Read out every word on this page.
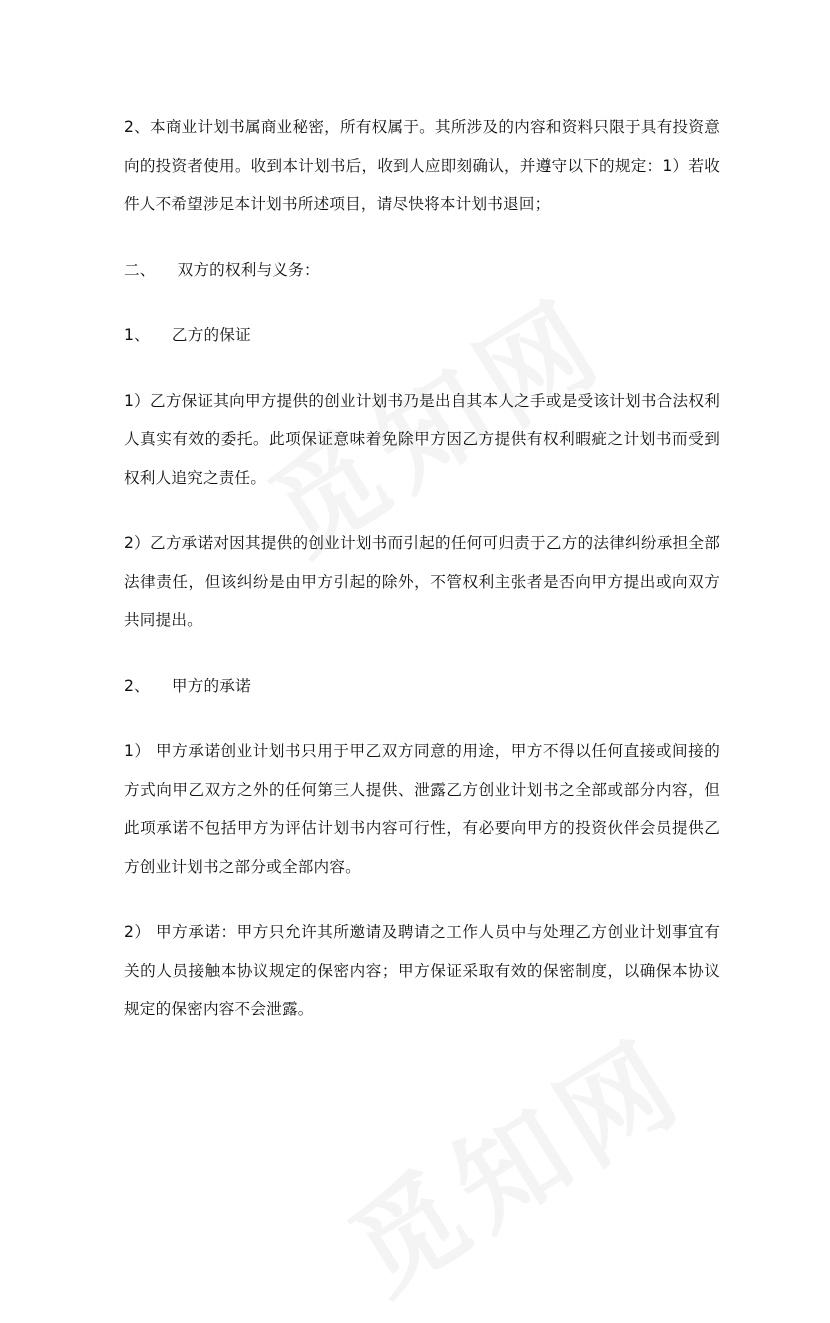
2、本商业计划书属商业秘密，所有权属于。其所涉及的内容和资料只限于具有投资意向的投资者使用。收到本计划书后，收到人应即刻确认，并遵守以下的规定：1）若收件人不希望涉足本计划书所述项目，请尽快将本计划书退回；

二、 双方的权利与义务：

1、 乙方的保证

1）乙方保证其向甲方提供的创业计划书乃是出自其本人之手或是受该计划书合法权利人真实有效的委托。此项保证意味着免除甲方因乙方提供有权利暇疵之计划书而受到权利人追究之责任。

2）乙方承诺对因其提供的创业计划书而引起的任何可归责于乙方的法律纠纷承担全部法律责任，但该纠纷是由甲方引起的除外，不管权利主张者是否向甲方提出或向双方共同提出。

2、 甲方的承诺

1） 甲方承诺创业计划书只用于甲乙双方同意的用途，甲方不得以任何直接或间接的方式向甲乙双方之外的任何第三人提供、泄露乙方创业计划书之全部或部分内容，但此项承诺不包括甲方为评估计划书内容可行性，有必要向甲方的投资伙伴会员提供乙方创业计划书之部分或全部内容。

2） 甲方承诺：甲方只允许其所邀请及聘请之工作人员中与处理乙方创业计划事宜有关的人员接触本协议规定的保密内容；甲方保证采取有效的保密制度，以确保本协议规定的保密内容不会泄露。
